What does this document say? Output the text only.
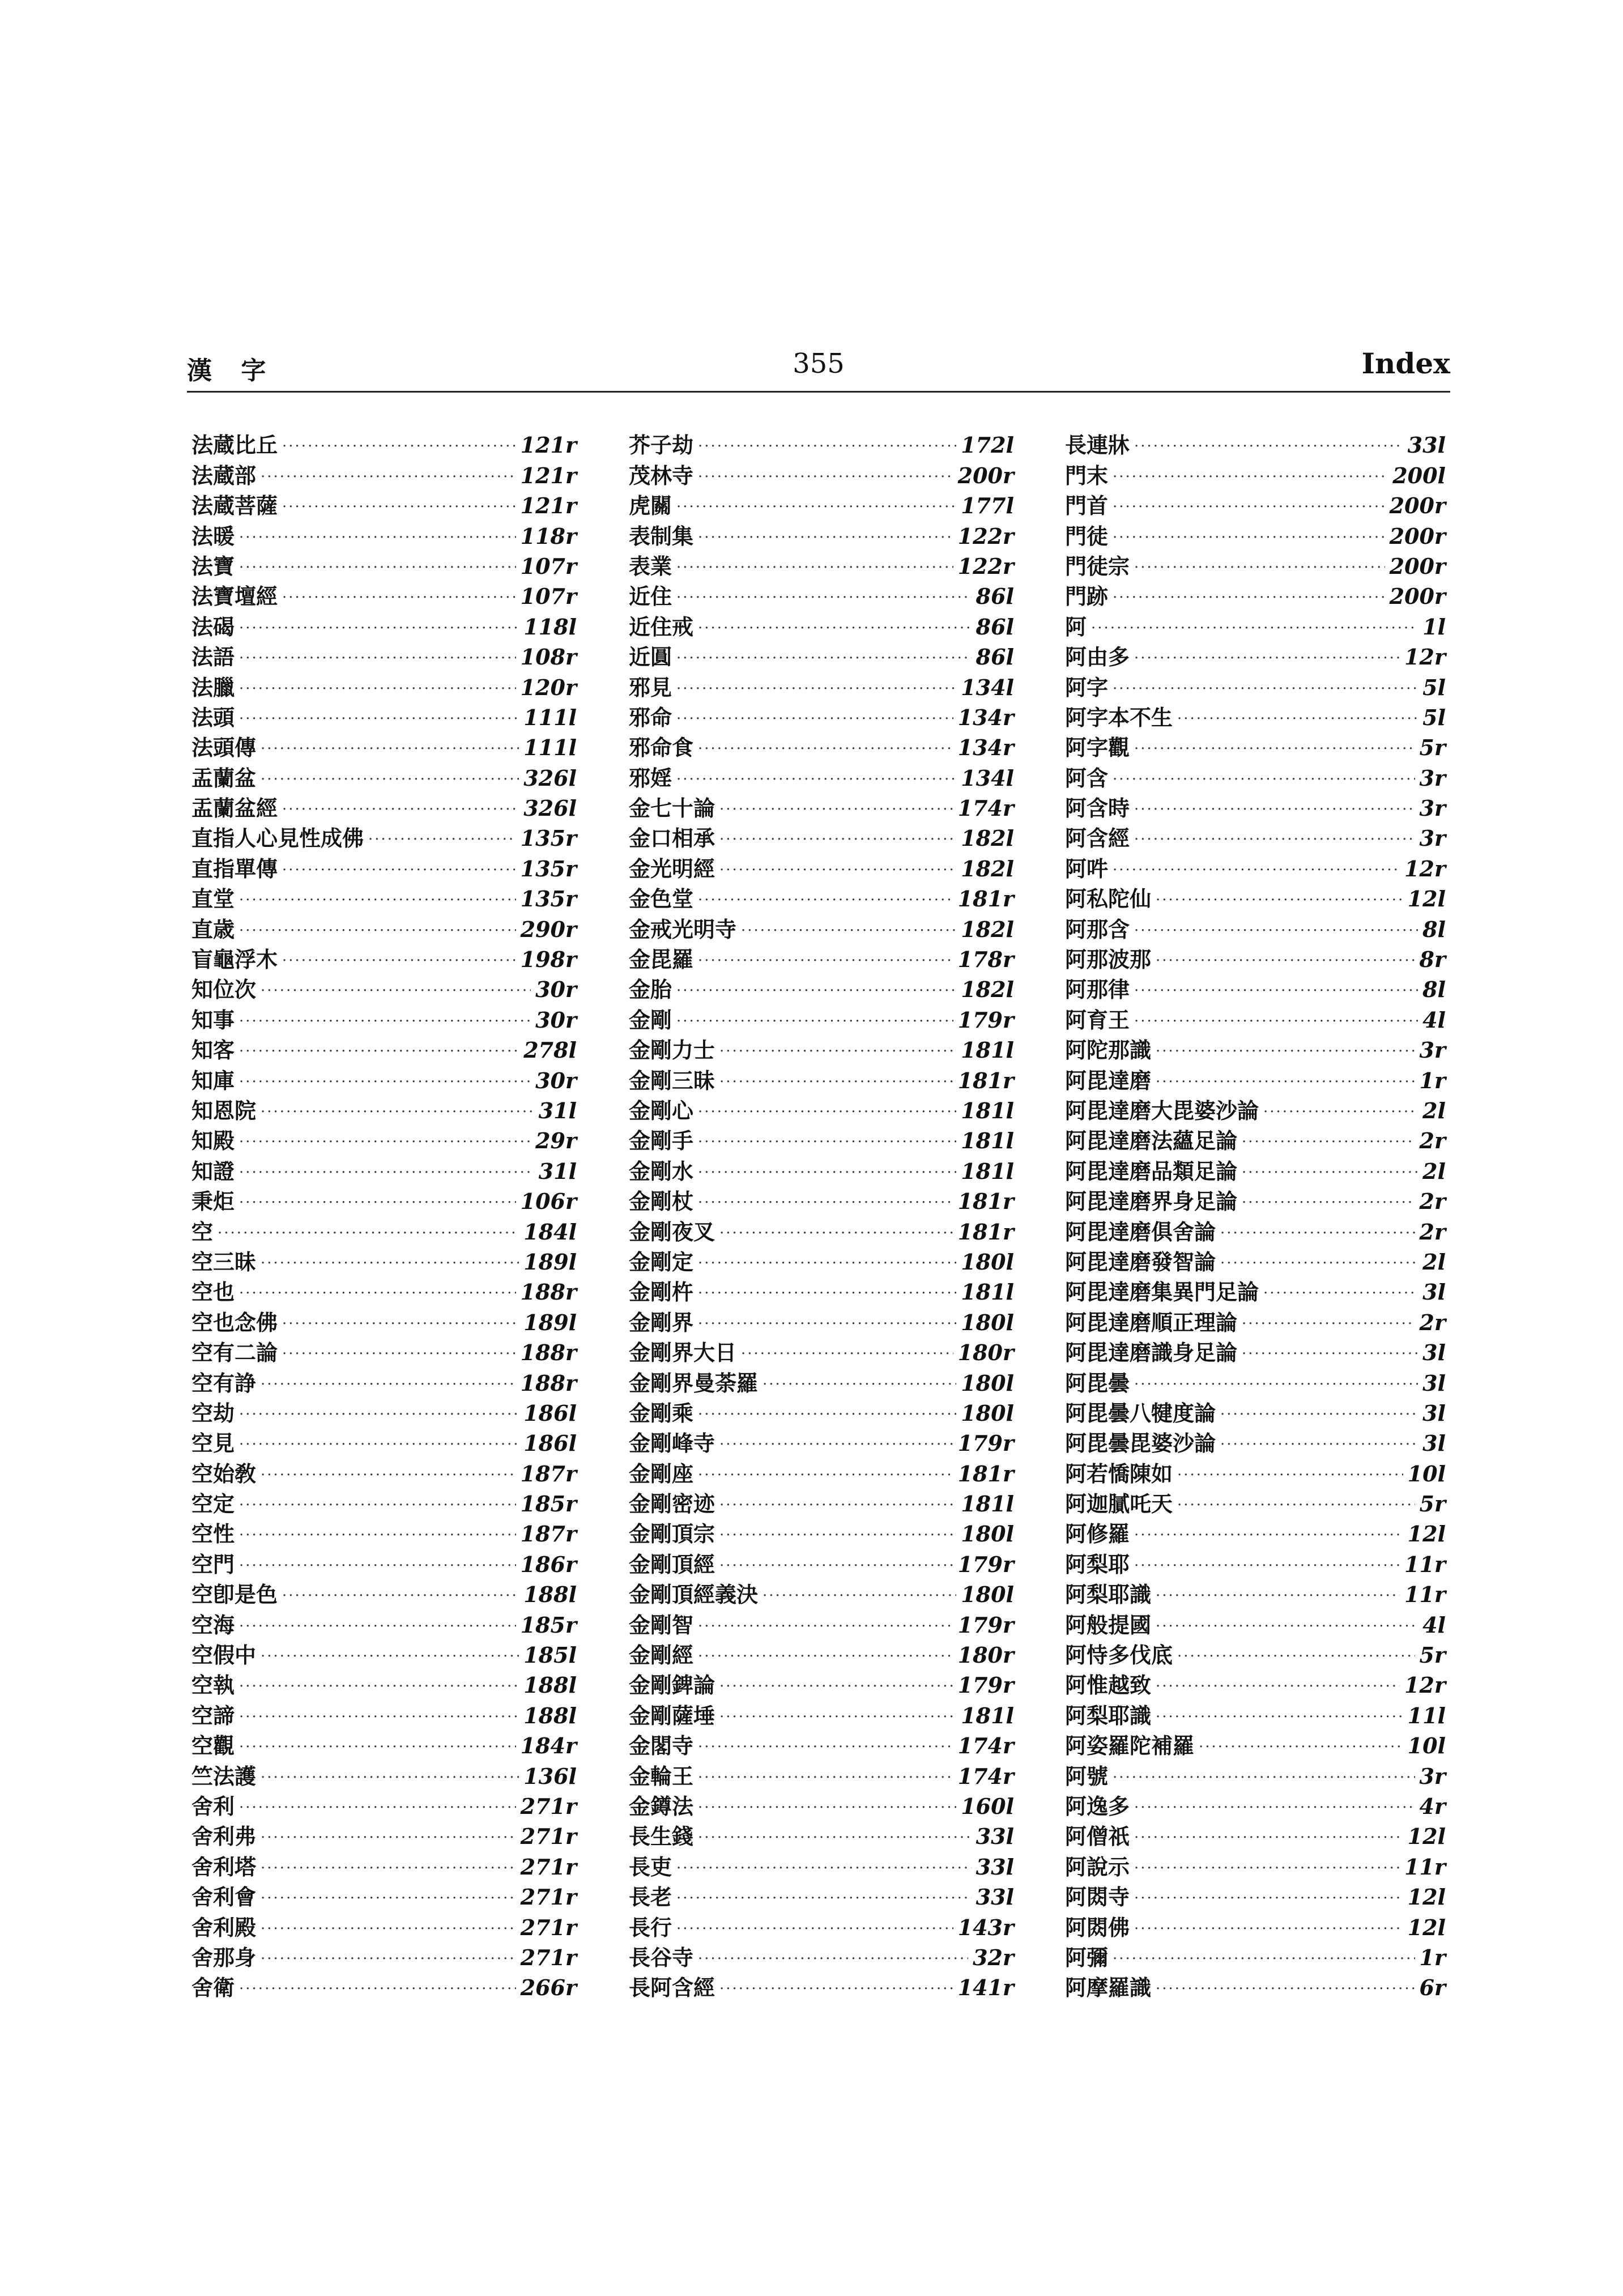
漢 字	355	Index
法蔵比丘 ·····	121r
法蔵部 ·····	121r
法蔵菩薩 ·····	121r
法暖 ·····	118r
法寶 ·····	107r
法寶壇經 ·····	107r
法碣 ·····	118l
法語 ·····	108r
法臘 ·····	120r
法頭 ·····	111l
法頭傳 ·····	111l
盂蘭盆 ·····	326l
盂蘭盆經 ·····	326l
直指人心見性成佛 ·····	135r
直指單傳 ·····	135r
直堂 ·····	135r
直歳 ·····	290r
盲龜浮木 ·····	198r
知位次 ·····	30r
知事 ·····	30r
知客 ·····	278l
知庫 ·····	30r
知恩院 ·····	31l
知殿 ·····	29r
知證 ·····	31l
秉炬 ·····	106r
空 ·····	184l
空三昧 ·····	189l
空也 ·····	188r
空也念佛 ·····	189l
空有二論 ·····	188r
空有諍 ·····	188r
空劫 ·····	186l
空見 ·····	186l
空始敎 ·····	187r
空定 ·····	185r
空性 ·····	187r
空門 ·····	186r
空卽是色 ·····	188l
空海 ·····	185r
空假中 ·····	185l
空執 ·····	188l
空諦 ·····	188l
空觀 ·····	184r
竺法護 ·····	136l
舍利 ·····	271r
舍利弗 ·····	271r
舍利塔 ·····	271r
舍利會 ·····	271r
舍利殿 ·····	271r
舍那身 ·····	271r
舍衛 ·····	266r
芥子劫 ·····	172l
茂林寺 ·····	200r
虎關 ·····	177l
表制集 ·····	122r
表業 ·····	122r
近住 ·····	86l
近住戒 ·····	86l
近圓 ·····	86l
邪見 ·····	134l
邪命 ·····	134r
邪命食 ·····	134r
邪婬 ·····	134l
金七十論 ·····	174r
金口相承 ·····	182l
金光明經 ·····	182l
金色堂 ·····	181r
金戒光明寺 ·····	182l
金毘羅 ·····	178r
金胎 ·····	182l
金剛 ·····	179r
金剛力士 ·····	181l
金剛三昧 ·····	181r
金剛心 ·····	181l
金剛手 ·····	181l
金剛水 ·····	181l
金剛杖 ·····	181r
金剛夜叉 ·····	181r
金剛定 ·····	180l
金剛杵 ·····	181l
金剛界 ·····	180l
金剛界大日 ·····	180r
金剛界曼荼羅 ·····	180l
金剛乘 ·····	180l
金剛峰寺 ·····	179r
金剛座 ·····	181r
金剛密迹 ·····	181l
金剛頂宗 ·····	180l
金剛頂經 ·····	179r
金剛頂經義決 ·····	180l
金剛智 ·····	179r
金剛經 ·····	180r
金剛錍論 ·····	179r
金剛薩埵 ·····	181l
金閣寺 ·····	174r
金輪王 ·····	174r
金鐏法 ·····	160l
長生錢 ·····	33l
長吏 ·····	33l
長老 ·····	33l
長行 ·····	143r
長谷寺 ·····	32r
長阿含經 ·····	141r
長連牀 ·····	33l
門末 ·····	200l
門首 ·····	200r
門徒 ·····	200r
門徒宗 ·····	200r
門跡 ·····	200r
阿 ·····	1l
阿由多 ·····	12r
阿字 ·····	5l
阿字本不生 ·····	5l
阿字觀 ·····	5r
阿含 ·····	3r
阿含時 ·····	3r
阿含經 ·····	3r
阿吽 ·····	12r
阿私陀仙 ·····	12l
阿那含 ·····	8l
阿那波那 ·····	8r
阿那律 ·····	8l
阿育王 ·····	4l
阿陀那識 ·····	3r
阿毘達磨 ·····	1r
阿毘達磨大毘婆沙論 ·····	2l
阿毘達磨法蘊足論 ·····	2r
阿毘達磨品類足論 ·····	2l
阿毘達磨界身足論 ·····	2r
阿毘達磨俱舍論 ·····	2r
阿毘達磨發智論 ·····	2l
阿毘達磨集異門足論 ·····	3l
阿毘達磨順正理論 ·····	2r
阿毘達磨識身足論 ·····	3l
阿毘曇 ·····	3l
阿毘曇八犍度論 ·····	3l
阿毘曇毘婆沙論 ·····	3l
阿若憍陳如 ·····	10l
阿迦膩吒天 ·····	5r
阿修羅 ·····	12l
阿梨耶 ·····	11r
阿梨耶識 ·····	11r
阿般提國 ·····	4l
阿恃多伐底 ·····	5r
阿惟越致 ·····	12r
阿梨耶識 ·····	11l
阿姿羅陀補羅 ·····	10l
阿號 ·····	3r
阿逸多 ·····	4r
阿僧祇 ·····	12l
阿說示 ·····	11r
阿閦寺 ·····	12l
阿閦佛 ·····	12l
阿彌 ·····	1r
阿摩羅識 ·····	6r
